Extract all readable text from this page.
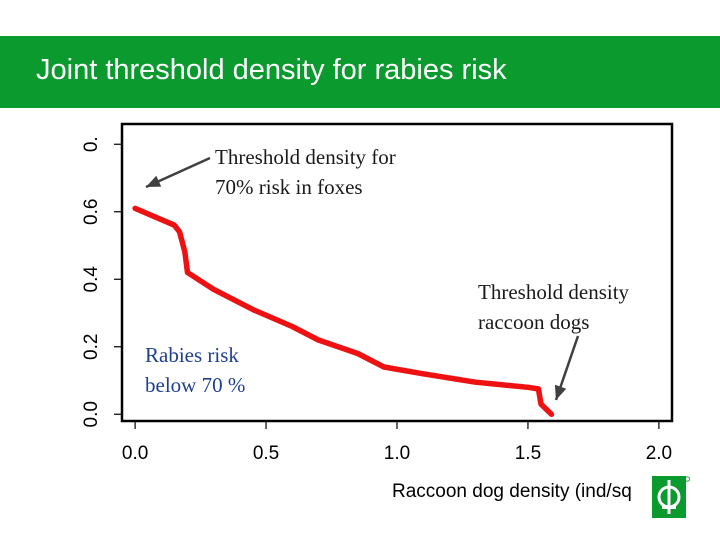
Joint threshold density for rabies risk
0.0	0.5	1.0	1.5	2.0
0.0
0.2
0.4
0.6
0.
Raccoon dog density (ind/sq
Threshold density for
70% risk in foxes
Threshold density
raccoon dogs
Rabies risk
below 70 %
